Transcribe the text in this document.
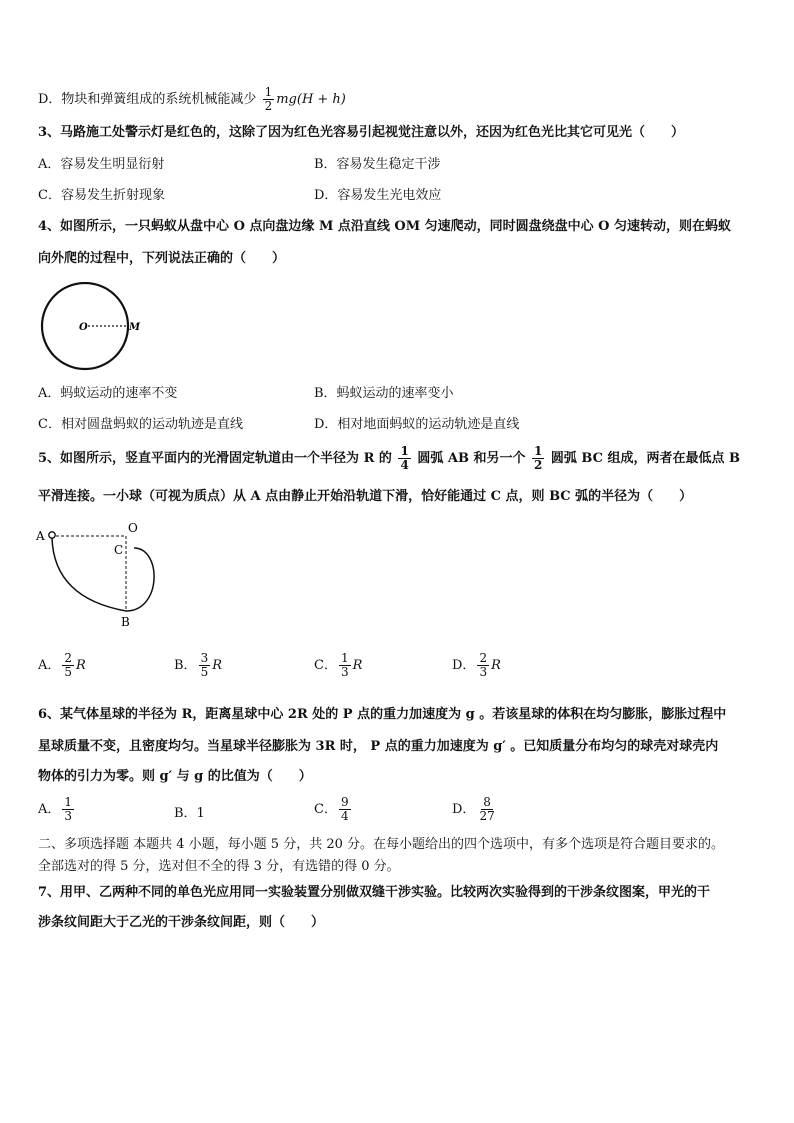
D．物块和弹簧组成的系统机械能减少 $\frac{1}{2} mg(H + h)$
3、马路施工处警示灯是红色的，这除了因为红色光容易引起视觉注意以外，还因为红色光比其它可见光（　　）
A．容易发生明显衍射	B．容易发生稳定干涉
C．容易发生折射现象	D．容易发生光电效应
4、如图所示，一只蚂蚁从盘中心 O 点向盘边缘 M 点沿直线 OM 匀速爬动，同时圆盘绕盘中心 O 匀速转动，则在蚂蚁
向外爬的过程中，下列说法正确的（　　）
O	M
A．蚂蚁运动的速率不变	B．蚂蚁运动的速率变小
C．相对圆盘蚂蚁的运动轨迹是直线	D．相对地面蚂蚁的运动轨迹是直线
5、如图所示，竖直平面内的光滑固定轨道由一个半径为 R 的 $\frac{1}{4}$ 圆弧 AB 和另一个 $\frac{1}{2}$ 圆弧 BC 组成，两者在最低点 B
平滑连接。一小球（可视为质点）从 A 点由静止开始沿轨道下滑，恰好能通过 C 点，则 BC 弧的半径为（　　）
A
O
C
B
A． $\frac{2}{5}$ R	B． $\frac{3}{5}$ R	C． $\frac{1}{3}$ R	D． $\frac{2}{3}$ R
6、某气体星球的半径为 R，距离星球中心 2R 处的 P 点的重力加速度为 g 。若该星球的体积在均匀膨胀，膨胀过程中
星球质量不变，且密度均匀。当星球半径膨胀为 3R 时， P 点的重力加速度为 g′ 。已知质量分布均匀的球壳对球壳内
物体的引力为零。则 g′ 与 g 的比值为（　　）
A． $\frac{1}{3}$	B．1	C． $\frac{9}{4}$	D． $\frac{8}{27}$
二、多项选择题 本题共 4 小题，每小题 5 分，共 20 分。在每小题给出的四个选项中，有多个选项是符合题目要求的。
全部选对的得 5 分，选对但不全的得 3 分，有选错的得 0 分。
7、用甲、乙两种不同的单色光应用同一实验装置分别做双缝干涉实验。比较两次实验得到的干涉条纹图案，甲光的干
涉条纹间距大于乙光的干涉条纹间距，则（　　）
